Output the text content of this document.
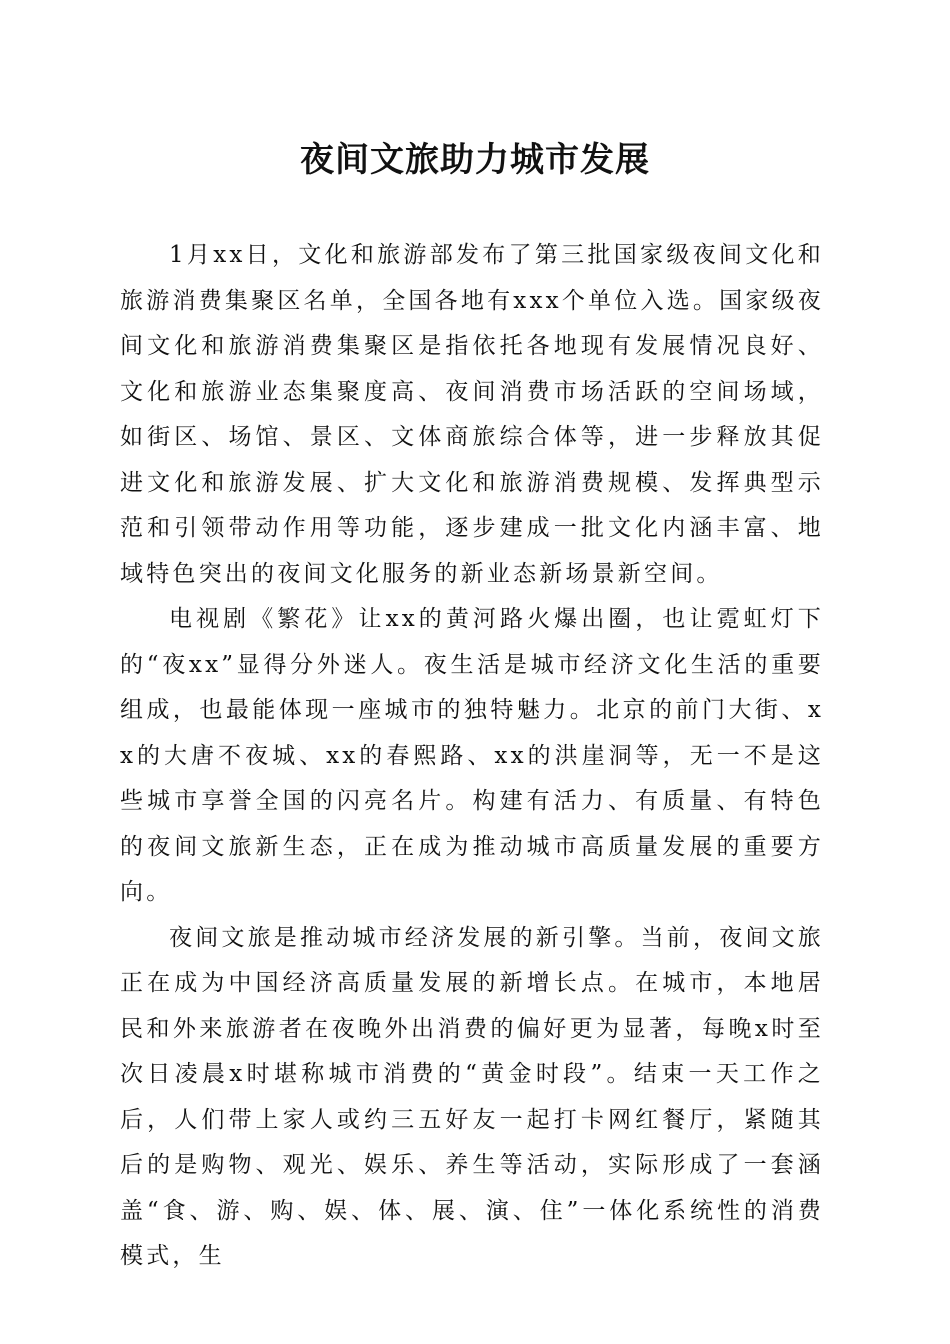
夜间文旅助力城市发展

1月xx日，文化和旅游部发布了第三批国家级夜间文化和旅游消费集聚区名单，全国各地有xxx个单位入选。国家级夜间文化和旅游消费集聚区是指依托各地现有发展情况良好、文化和旅游业态集聚度高、夜间消费市场活跃的空间场域，如街区、场馆、景区、文体商旅综合体等，进一步释放其促进文化和旅游发展、扩大文化和旅游消费规模、发挥典型示范和引领带动作用等功能，逐步建成一批文化内涵丰富、地域特色突出的夜间文化服务的新业态新场景新空间。

电视剧《繁花》让xx的黄河路火爆出圈，也让霓虹灯下的“夜xx”显得分外迷人。夜生活是城市经济文化生活的重要组成，也最能体现一座城市的独特魅力。北京的前门大街、xx的大唐不夜城、xx的春熙路、xx的洪崖洞等，无一不是这些城市享誉全国的闪亮名片。构建有活力、有质量、有特色的夜间文旅新生态，正在成为推动城市高质量发展的重要方向。

夜间文旅是推动城市经济发展的新引擎。当前，夜间文旅正在成为中国经济高质量发展的新增长点。在城市，本地居民和外来旅游者在夜晚外出消费的偏好更为显著，每晚x时至次日凌晨x时堪称城市消费的“黄金时段”。结束一天工作之后，人们带上家人或约三五好友一起打卡网红餐厅，紧随其后的是购物、观光、娱乐、养生等活动，实际形成了一套涵盖“食、游、购、娱、体、展、演、住”一体化系统性的消费模式，生
